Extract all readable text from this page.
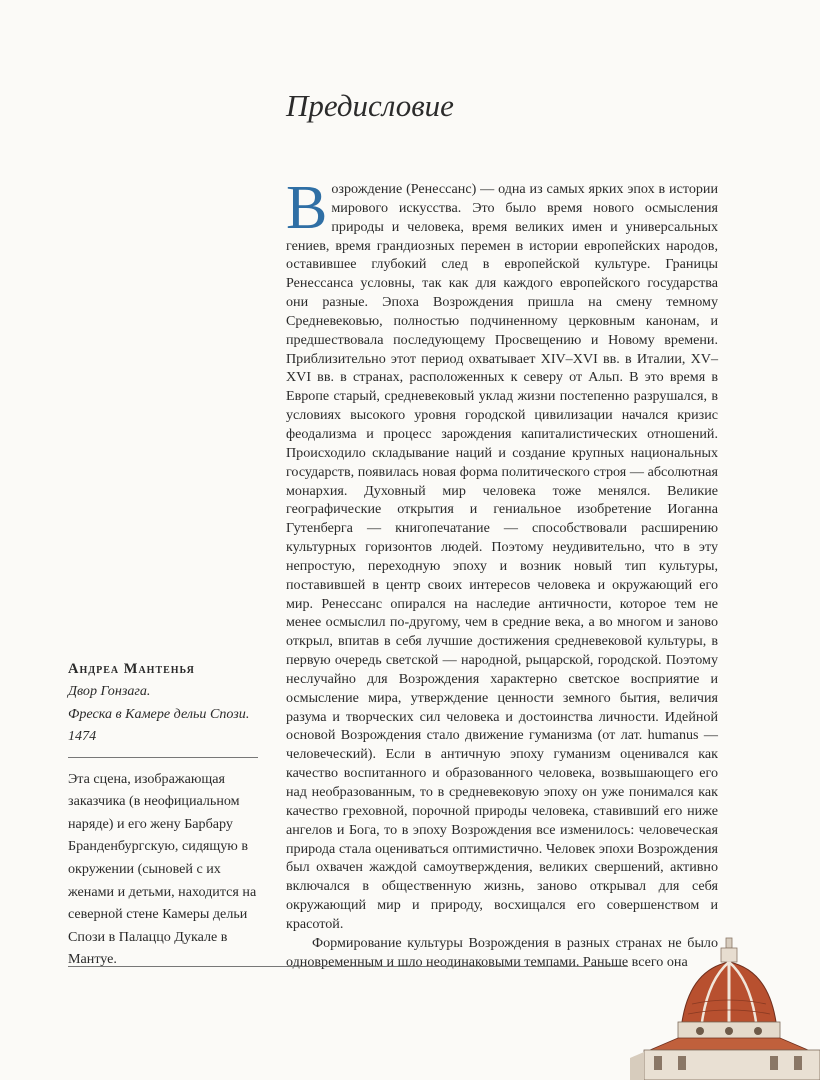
Предисловие

Возрождение (Ренессанс) — одна из самых ярких эпох в истории мирового искусства. Это было время нового осмысления природы и человека, время великих имен и универсальных гениев, время грандиозных перемен в истории европейских народов, оставившее глубокий след в европейской культуре. Границы Ренессанса условны, так как для каждого европейского государства они разные. Эпоха Возрождения пришла на смену темному Средневековью, полностью подчиненному церковным канонам, и предшествовала последующему Просвещению и Новому времени. Приблизительно этот период охватывает XIV–XVI вв. в Италии, XV–XVI вв. в странах, расположенных к северу от Альп. В это время в Европе старый, средневековый уклад жизни постепенно разрушался, в условиях высокого уровня городской цивилизации начался кризис феодализма и процесс зарождения капиталистических отношений. Происходило складывание наций и создание крупных национальных государств, появилась новая форма политического строя — абсолютная монархия. Духовный мир человека тоже менялся. Великие географические открытия и гениальное изобретение Иоганна Гутенберга — книгопечатание — способствовали расширению культурных горизонтов людей. Поэтому неудивительно, что в эту непростую, переходную эпоху и возник новый тип культуры, поставившей в центр своих интересов человека и окружающий его мир. Ренессанс опирался на наследие античности, которое тем не менее осмыслил по-другому, чем в средние века, а во многом и заново открыл, впитав в себя лучшие достижения средневековой культуры, в первую очередь светской — народной, рыцарской, городской. Поэтому неслучайно для Возрождения характерно светское восприятие и осмысление мира, утверждение ценности земного бытия, величия разума и творческих сил человека и достоинства личности. Идейной основой Возрождения стало движение гуманизма (от лат. humanus — человеческий). Если в античную эпоху гуманизм оценивался как качество воспитанного и образованного человека, возвышающего его над необразованным, то в средневековую эпоху он уже понимался как качество греховной, порочной природы человека, ставивший его ниже ангелов и Бога, то в эпоху Возрождения все изменилось: человеческая природа стала оцениваться оптимистично. Человек эпохи Возрождения был охвачен жаждой самоутверждения, великих свершений, активно включался в общественную жизнь, заново открывал для себя окружающий мир и природу, восхищался его совершенством и красотой.

Формирование культуры Возрождения в разных странах не было одновременным и шло неодинаковыми темпами. Раньше всего она

Андреа Мантенья
Двор Гонзага.
Фреска в Камере дельи Спози.
1474
Эта сцена, изображающая заказчика (в неофициальном наряде) и его жену Барбару Бранденбургскую, сидящую в окружении (сыновей с их женами и детьми, находится на северной стене Камеры дельи Спози в Палаццо Дукале в Мантуе.
